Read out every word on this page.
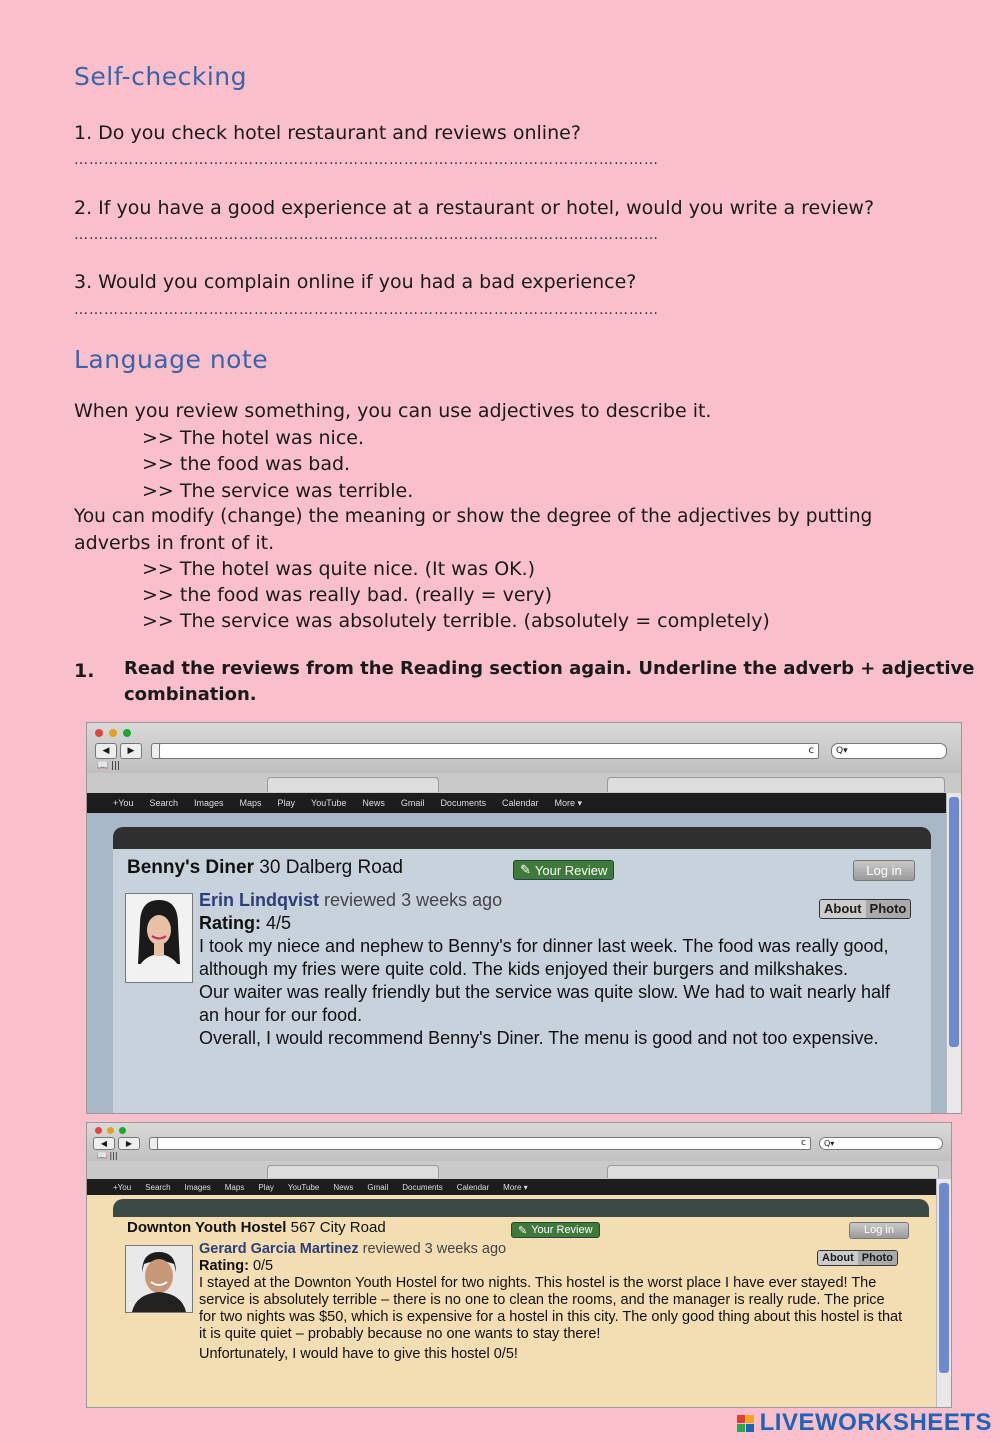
Self-checking
1. Do you check hotel restaurant and reviews online?
………………………………………………………………………………………………………
2. If you have a good experience at a restaurant or hotel, would you write a review?
………………………………………………………………………………………………………
3. Would you complain online if you had a bad experience?
………………………………………………………………………………………………………
Language note
When you review something, you can use adjectives to describe it.
>> The hotel was nice.
>> the food was bad.
>> The service was terrible.
You can modify (change) the meaning or show the degree of the adjectives by putting
adverbs in front of it.
>> The hotel was quite nice. (It was OK.)
>> the food was really bad. (really = very)
>> The service was absolutely terrible. (absolutely = completely)
1. Read the reviews from the Reading section again. Underline the adverb + adjective
combination.
◀	▶	c	Q▾
📖 |||
+You Search Images Maps Play YouTube News Gmail Documents Calendar More ▾
Benny's Diner 30 Dalberg Road	✎ Your Review	Log in
About Photo
Erin Lindqvist reviewed 3 weeks ago
Rating: 4/5

I took my niece and nephew to Benny's for dinner last week. The food was really good, although my fries were quite cold. The kids enjoyed their burgers and milkshakes.

Our waiter was really friendly but the service was quite slow. We had to wait nearly half an hour for our food.

Overall, I would recommend Benny's Diner. The menu is good and not too expensive.

◀	▶	c	Q▾
📖 |||
+You Search Images Maps Play YouTube News Gmail Documents Calendar More ▾
Downton Youth Hostel 567 City Road	✎ Your Review	Log in
About Photo
Gerard Garcia Martinez reviewed 3 weeks ago
Rating: 0/5

I stayed at the Downton Youth Hostel for two nights. This hostel is the worst place I have ever stayed! The service is absolutely terrible – there is no one to clean the rooms, and the manager is really rude. The price for two nights was $50, which is expensive for a hostel in this city. The only good thing about this hostel is that it is quite quiet – probably because no one wants to stay there!

Unfortunately, I would have to give this hostel 0/5!

LIVEWORKSHEETS
